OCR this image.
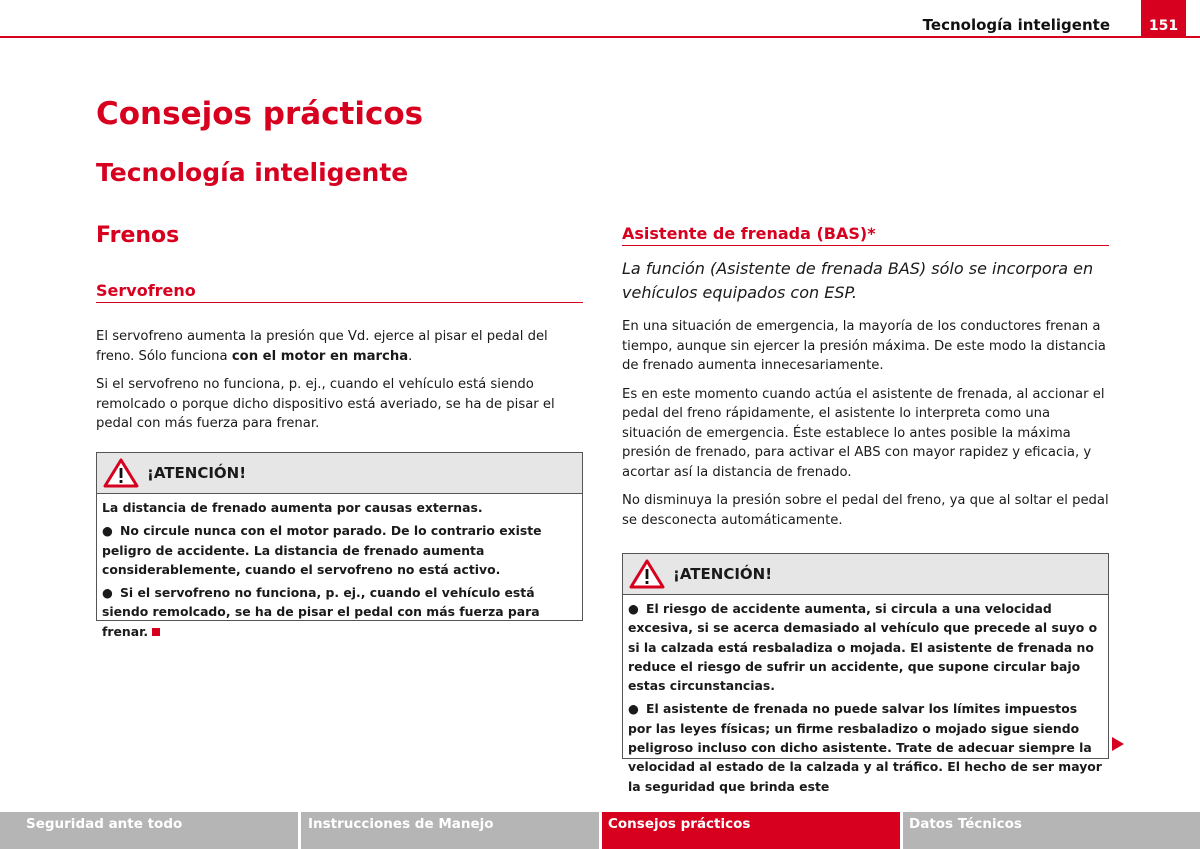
Tecnología inteligente	151
Consejos prácticos
Tecnología inteligente
Frenos
Servofreno

El servofreno aumenta la presión que Vd. ejerce al pisar el pedal del freno. Sólo funciona con el motor en marcha.

Si el servofreno no funciona, p. ej., cuando el vehículo está siendo remolcado o porque dicho dispositivo está averiado, se ha de pisar el pedal con más fuerza para frenar.

¡ATENCIÓN!

La distancia de frenado aumenta por causas externas.

● No circule nunca con el motor parado. De lo contrario existe peligro de accidente. La distancia de frenado aumenta considerablemente, cuando el servofreno no está activo.

● Si el servofreno no funciona, p. ej., cuando el vehículo está siendo remolcado, se ha de pisar el pedal con más fuerza para frenar.

Asistente de frenada (BAS)*

La función (Asistente de frenada BAS) sólo se incorpora en vehículos equipados con ESP.

En una situación de emergencia, la mayoría de los conductores frenan a tiempo, aunque sin ejercer la presión máxima. De este modo la distancia de frenado aumenta innecesariamente.

Es en este momento cuando actúa el asistente de frenada, al accionar el pedal del freno rápidamente, el asistente lo interpreta como una situación de emergencia. Éste establece lo antes posible la máxima presión de frenado, para activar el ABS con mayor rapidez y eficacia, y acortar así la distancia de frenado.

No disminuya la presión sobre el pedal del freno, ya que al soltar el pedal se desconecta automáticamente.

¡ATENCIÓN!

● El riesgo de accidente aumenta, si circula a una velocidad excesiva, si se acerca demasiado al vehículo que precede al suyo o si la calzada está resbaladiza o mojada. El asistente de frenada no reduce el riesgo de sufrir un accidente, que supone circular bajo estas circunstancias.

● El asistente de frenada no puede salvar los límites impuestos por las leyes físicas; un firme resbaladizo o mojado sigue siendo peligroso incluso con dicho asistente. Trate de adecuar siempre la velocidad al estado de la calzada y al tráfico. El hecho de ser mayor la seguridad que brinda este

Seguridad ante todo	Instrucciones de Manejo	Consejos prácticos	Datos Técnicos
